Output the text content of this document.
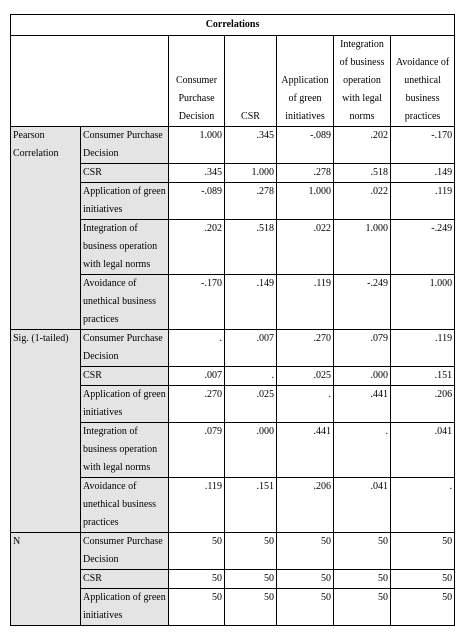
Correlations						
		Consumer Purchase Decision	CSR	Application of green initiatives	Integration of business operation with legal norms	Avoidance of unethical business practices
Pearson Correlation	Consumer Purchase Decision	1.000	.345	-.089	.202	-.170
	CSR	.345	1.000	.278	.518	.149
	Application of green initiatives	-.089	.278	1.000	.022	.119
	Integration of business operation with legal norms	.202	.518	.022	1.000	-.249
	Avoidance of unethical business practices	-.170	.149	.119	-.249	1.000
Sig. (1-tailed)	Consumer Purchase Decision	.	.007	.270	.079	.119
	CSR	.007	.	.025	.000	.151
	Application of green initiatives	.270	.025	.	.441	.206
	Integration of business operation with legal norms	.079	.000	.441	.	.041
	Avoidance of unethical business practices	.119	.151	.206	.041	.
N	Consumer Purchase Decision	50	50	50	50	50
	CSR	50	50	50	50	50
	Application of green initiatives	50	50	50	50	50
